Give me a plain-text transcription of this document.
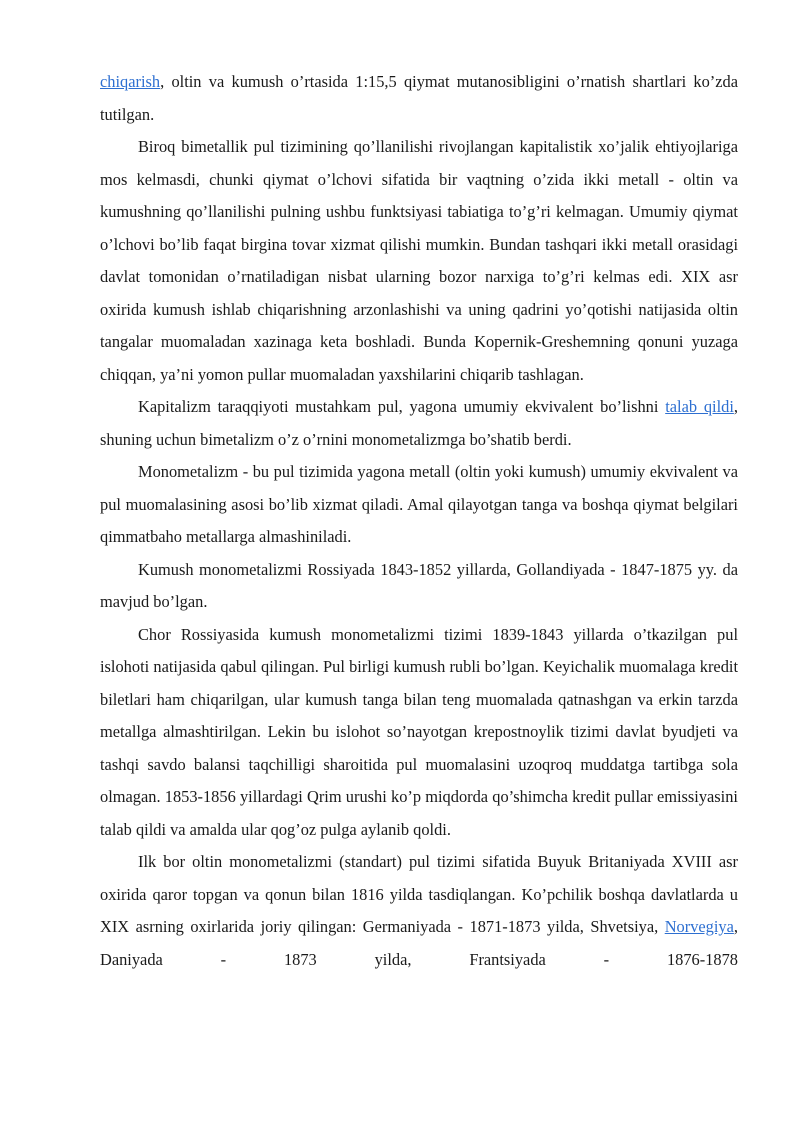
chiqarish, oltin va kumush o’rtasida 1:15,5 qiymat mutanosibligini o’rnatish shartlari ko’zda tutilgan.

Biroq bimetallik pul tizimining qo’llanilishi rivojlangan kapitalistik xo’jalik ehtiyojlariga mos kelmasdi, chunki qiymat o’lchovi sifatida bir vaqtning o’zida ikki metall - oltin va kumushning qo’llanilishi pulning ushbu funktsiyasi tabiatiga to’g’ri kelmagan. Umumiy qiymat o’lchovi bo’lib faqat birgina tovar xizmat qilishi mumkin. Bundan tashqari ikki metall orasidagi davlat tomonidan o’rnatiladigan nisbat ularning bozor narxiga to’g’ri kelmas edi. XIX asr oxirida kumush ishlab chiqarishning arzonlashishi va uning qadrini yo’qotishi natijasida oltin tangalar muomaladan xazinaga keta boshladi. Bunda Kopernik-Greshemning qonuni yuzaga chiqqan, ya’ni yomon pullar muomaladan yaxshilarini chiqarib tashlagan.

Kapitalizm taraqqiyoti mustahkam pul, yagona umumiy ekvivalent bo’lishni talab qildi, shuning uchun bimetalizm o’z o’rnini monometalizmga bo’shatib berdi.

Monometalizm - bu pul tizimida yagona metall (oltin yoki kumush) umumiy ekvivalent va pul muomalasining asosi bo’lib xizmat qiladi. Amal qilayotgan tanga va boshqa qiymat belgilari qimmatbaho metallarga almashiniladi.

Kumush monometalizmi Rossiyada 1843-1852 yillarda, Gollandiyada - 1847-1875 yy. da mavjud bo’lgan.

Chor Rossiyasida kumush monometalizmi tizimi 1839-1843 yillarda o’tkazilgan pul islohoti natijasida qabul qilingan. Pul birligi kumush rubli bo’lgan. Keyichalik muomalaga kredit biletlari ham chiqarilgan, ular kumush tanga bilan teng muomalada qatnashgan va erkin tarzda metallga almashtirilgan. Lekin bu islohot so’nayotgan krepostnoylik tizimi davlat byudjeti va tashqi savdo balansi taqchilligi sharoitida pul muomalasini uzoqroq muddatga tartibga sola olmagan. 1853-1856 yillardagi Qrim urushi ko’p miqdorda qo’shimcha kredit pullar emissiyasini talab qildi va amalda ular qog’oz pulga aylanib qoldi.

Ilk bor oltin monometalizmi (standart) pul tizimi sifatida Buyuk Britaniyada XVIII asr oxirida qaror topgan va qonun bilan 1816 yilda tasdiqlangan. Ko’pchilik boshqa davlatlarda u XIX asrning oxirlarida joriy qilingan: Germaniyada - 1871-1873 yilda, Shvetsiya, Norvegiya, Daniyada - 1873 yilda, Frantsiyada - 1876-1878
